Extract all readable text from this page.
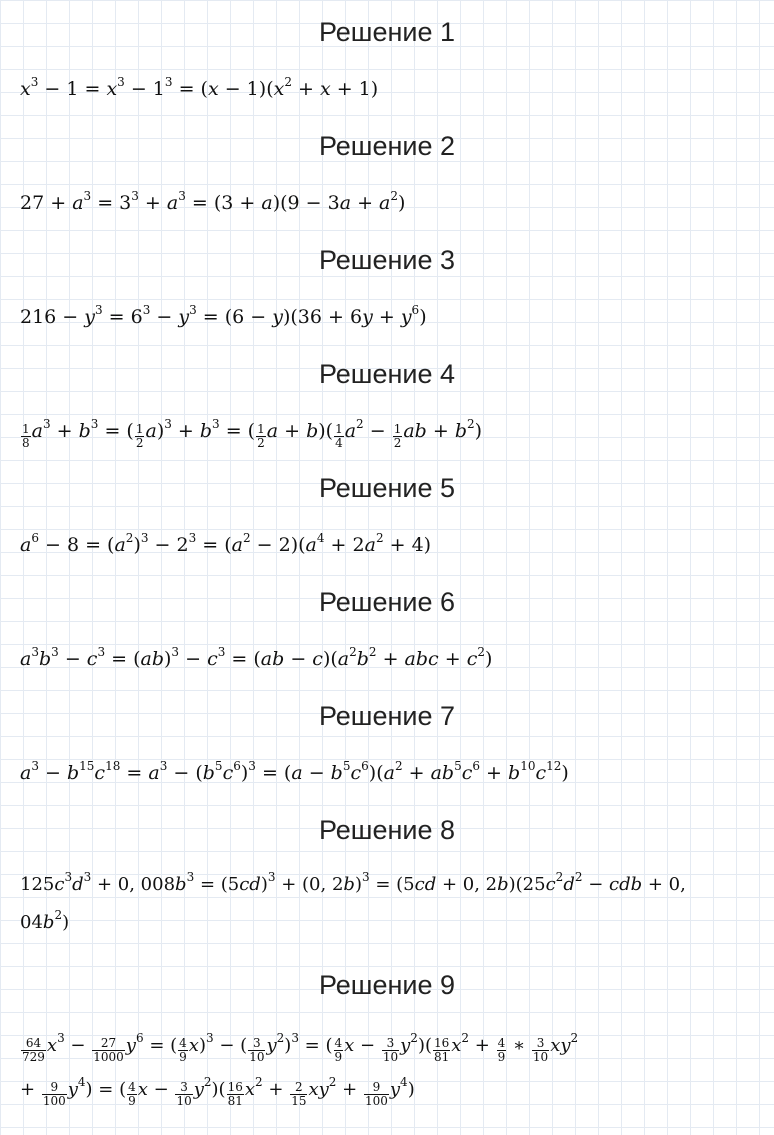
Решение 1
$x^3 - 1 = x^3 - 1^3 = (x - 1)(x^2 + x + 1)$
Решение 2
$27 + a^3 = 3^3 + a^3 = (3 + a)(9 - 3a + a^2)$
Решение 3
$216 - y^3 = 6^3 - y^3 = (6 - y)(36 + 6y + y^6)$
Решение 4
$\frac{1}{8} a^3 + b^3$ = ( $\frac{1}{2} a)^3 + b^3$ = ( $\frac{1}{2}$ $a + b)( \frac{1}{4} a^2 - \frac{1}{2}$ ab + $b^2$)
Решение 5
$a^6 - 8 = (a^2)^3 - 2^3 = (a^2 - 2)(a^4 + 2a^2 + 4)$
Решение 6
$a^3b^3 - c^3 = (ab)^3 - c^3 = (ab - c)(a^2b^2$ + abc + $c^2$)
Решение 7
$a^3 - b^{15}c^{18} = a^3 - (b^5c^6)^3 = (a - b^5c^6)(a^2 + ab^5c^6 + b^{10}c^{12})$
Решение 8
$125c^3d^3 + 0$, $008b^3 = (5cd)^3 + (0$, 2b)$^3$ = (5cd + 0, $2b)(25c^2d^2$ − cdb + 0,
$04b^2$)
Решение 9
$\frac{64}{729} x^3 - \frac{27}{1000} y^6$ = ( $\frac{4}{9} x)^3$ − ( $\frac{3}{10} y^2)^3$ = ( $\frac{4}{9}$ $x - \frac{3}{10} y^2)( \frac{16}{81} x^2 + \frac{4}{9}$ ∗ $\frac{3}{10} xy^2$
+ $\frac{9}{100} y^4$) = ( $\frac{4}{9}$ $x - \frac{3}{10} y^2)( \frac{16}{81} x^2 + \frac{2}{15} xy^2 + \frac{9}{100} y^4)$
